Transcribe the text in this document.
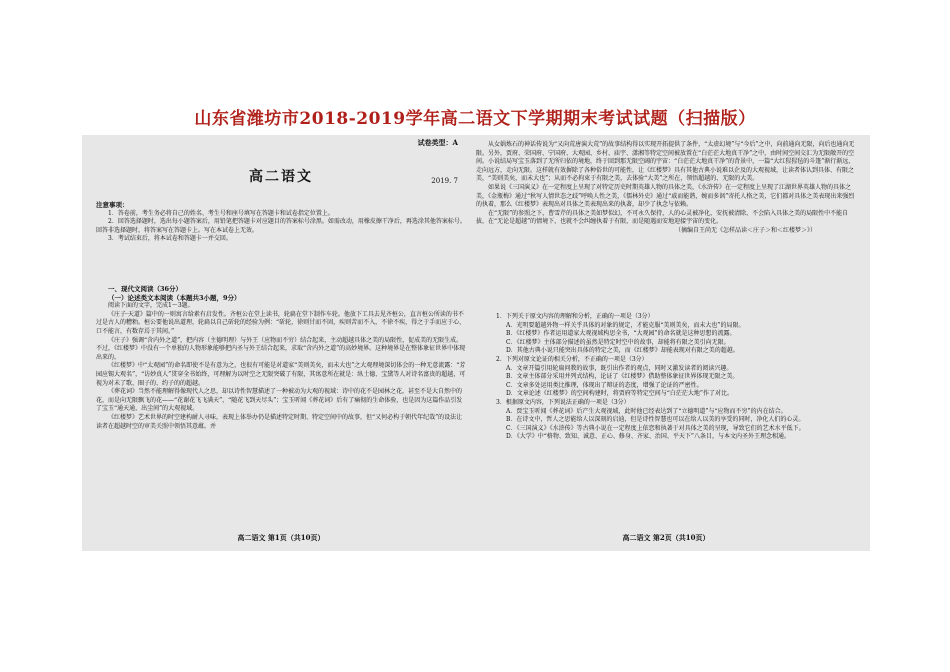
山东省潍坊市2018-2019学年高二语文下学期期末考试试题（扫描版）
试卷类型：A
高二语文	2019. 7

注意事项：

1．答卷前，考生务必将自己的姓名、考生号和座号填写在答题卡和试卷指定位置上。

2．回答选择题时，选出每小题答案后，用铅笔把答题卡对应题目的答案标号涂黑。如需改动，用橡皮擦干净后，再选涂其他答案标号。回答非选择题时，将答案写在答题卡上。写在本试卷上无效。

3．考试结束后，将本试卷和答题卡一并交回。

一、现代文阅读（36分）

（一）论述类文本阅读（本题共3小题，9分）

阅读下面的文字，完成1～3题。

《庄子·天道》篇中的一则寓言给素有启发性。齐桓公在堂上读书，轮扁在堂下制作车轮。他放下工具去见齐桓公，直言桓公所读的书不过是古人的糟粕。桓公要他说出道理，轮扁以自己斫轮的经验为例：“斫轮，徐则甘而不固，疾则苦而不入，不徐不疾，得之于手而应于心，口不能言，有数存焉于其间。”

《庄子》强调“含内外之道”，把内容（主德明理）与外王（应物而不穷）结合起来，主动超越具体之美的局限性，促成美的无限生成。不过，《红楼梦》中没有一个单独的人物形象能够把内圣与外王结合起来，求取“含内外之道”的高妙境界。这种境界是在整体象征世界中体现出来的。

《红楼梦》中“太观园”的命名即使不是有意为之，也很有可能是对道家“美则美矣，而未大也”之大观理境深切体会的一种无意流露：“芳园应锡大观名”，“访妙真人”贯穿全书始终，可理解为以时空之无限突破了有限，其寓意所在就是：纵土德、宝黛等人对诗名富贵的超越，可视为对未了歌、圈子的、约子的的超越。

《葬花词》当然不能理解得像现代人之思，却以诗性智慧描述了一种被动为大观的视域：诗中的花不是园林之花，甚至不是大自然中的花，而是向无限飘飞的花——“花谢花飞飞满天”，“随花飞到天尽头”；宝玉听闻《葬花词》后有了痛彻的生命体验，也是因为这篇作品引发了宝玉“通天通，出尘间”的大观视域。

《红楼梦》艺术世界的时空建构耐人寻味，表现上体举办仍是描述特定时期、特定空间中的故事，但“又何必构于朝代年纪哉”的设法让读者在超越时空的审美关照中领悟其意蕴。并

高二语文 第1页（共10页）

从女娲炼石的神话传说为“又向荒唐演大荒”的故事结构得以实现开拓提供了条件，“太虚幻境”与“今后”之中，向前通向无限，向后也通向无限。另外，贾府、荣国府、宁国府、大观园、乡村、庙宇、潇湘等特定空间被放置在“白茫茫大地真干净”之中，由时间空间交汇为无限敞开的空间。小说结局写宝玉落到了无所归依的境地，终于回到那无限空阔的宇宙：“白茫茫大地真干净”的背景中，一篇“大红猩猩毡的斗篷”渐行渐远，走向远方，走向无限。这样就有效摒除了各种俗世的可能性，让《红楼梦》具有其他古典小说难以企及的大观视域，让读者体认到具体、有限之美，“美则美矣，而未大也”；从而不必拘束于有限之美，去体验“大美”之所在，领悟超越的、无限的大美。

如果说《三国演义》在一定程度上呈现了对特定历史时期英雄人物的具体之美，《水浒传》在一定程度上呈现了江湖世界英雄人物的具体之美，《金瓶梅》通过“秋写人情世态之歧”呼唤人性之美，《儒林外史》通过“戚而能谐，婉而多讽”寄托人格之美，它们都对具体之美表现出来强烈的执着，那么《红楼梦》表现出对具体之美表现出来的执著，却少了执念与依赖。

在“无限”的参照之下，曹雪芹的具体之美如梦似幻，不可永久保持，人的心灵被净化，安抚被清除，不会陷入具体之美的局限性中不能自拔，在“无论是超越”的情境下，也就不会纠缠执着于有限，而是随遇而安地迎接宇宙的变化。

（摘编自王尚无《怎样品读＜庄子＞和＜红楼梦＞》）

1．下列关于原文内容的理解和分析，正确的一项是（3分）

A．光明要超越外物一样关乎具体的对象的规定，才能克服“美则美矣，而未大也”的局限。

B．《红楼梦》作者运用道家大观视域构思全书，“大观园”的命名就是这种思想的流露。

C．《红楼梦》主体部分描述的虽然是特定时空中的故事，却能将有限之美引向无限。

D．其他古典小说只能突出具体的特定之美，而《红楼梦》却能表现对有限之美的超越。

2．下列对原文论证的相关分析，不正确的一项是（3分）

A．文章开篇引用轮扁问教的故事，既引出作者的观点，同时又激发读者的阅读兴趣。

B．文章主体部分采用并列式结构，论证了《红楼梦》借助整体象征世界体现无限之美。

C．文章多处运用类比推理，体现出了辩证的态度，增强了论证的严密性。

D．文章论述《红楼梦》的空间构建时，将贾府等特定空间与“白茫茫大地”作了对比。

3．根据原文内容，下列说法正确的一项是（3分）

A．贾宝玉听闻《葬花词》后产生大观视域，此时他已经表达到了“立德明道”与“应物而不穷”的内在结合。

B．在诗文中，哲人之思能给人以深刻的启迪，但是诗性智慧也可以在给人以美的享受的同时，净化人们的心灵。

C．《三国演义》《水浒传》等古典小说在一定程度上依恋和执著于对具体之美的呈现，导致它们的艺术水平低下。

D．《大学》中“格物、致知、诚意、正心、修身、齐家、治国、平天下”八条目，与本文内圣外王理念相通。

高二语文 第2页（共10页）
